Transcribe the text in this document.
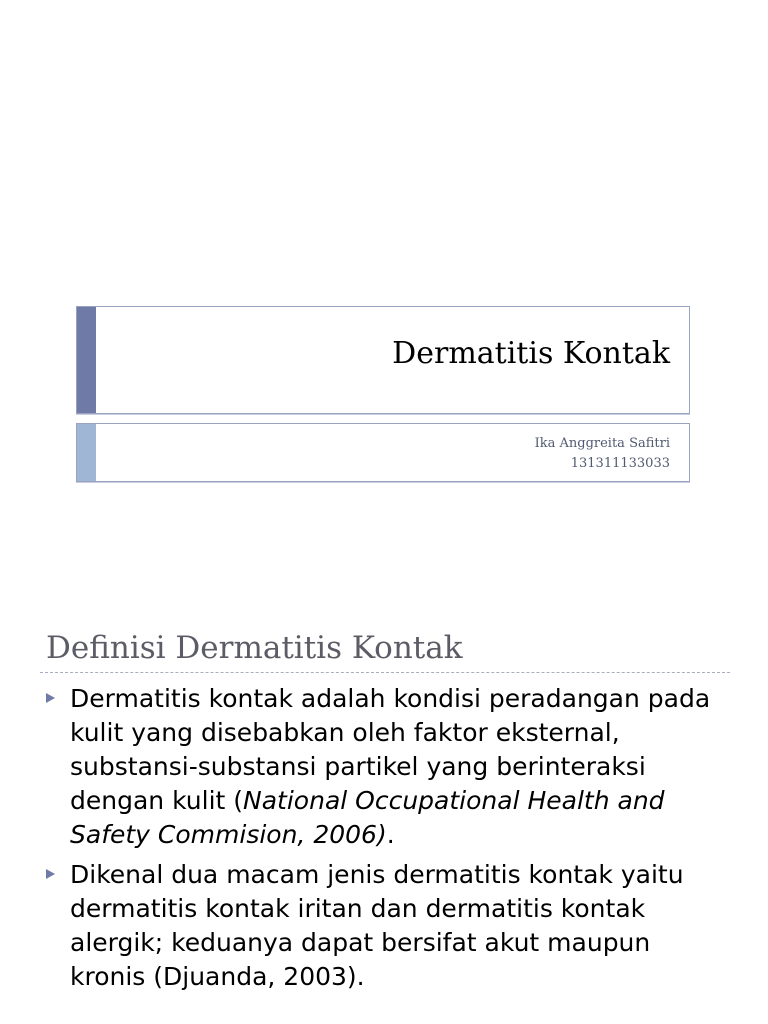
Dermatitis Kontak
Ika Anggreita Safitri
131311133033
Definisi Dermatitis Kontak
Dermatitis kontak adalah kondisi peradangan pada kulit yang disebabkan oleh faktor eksternal, substansi-substansi partikel yang berinteraksi dengan kulit (National Occupational Health and Safety Commision, 2006).
Dikenal dua macam jenis dermatitis kontak yaitu dermatitis kontak iritan dan dermatitis kontak alergik; keduanya dapat bersifat akut maupun kronis (Djuanda, 2003).
